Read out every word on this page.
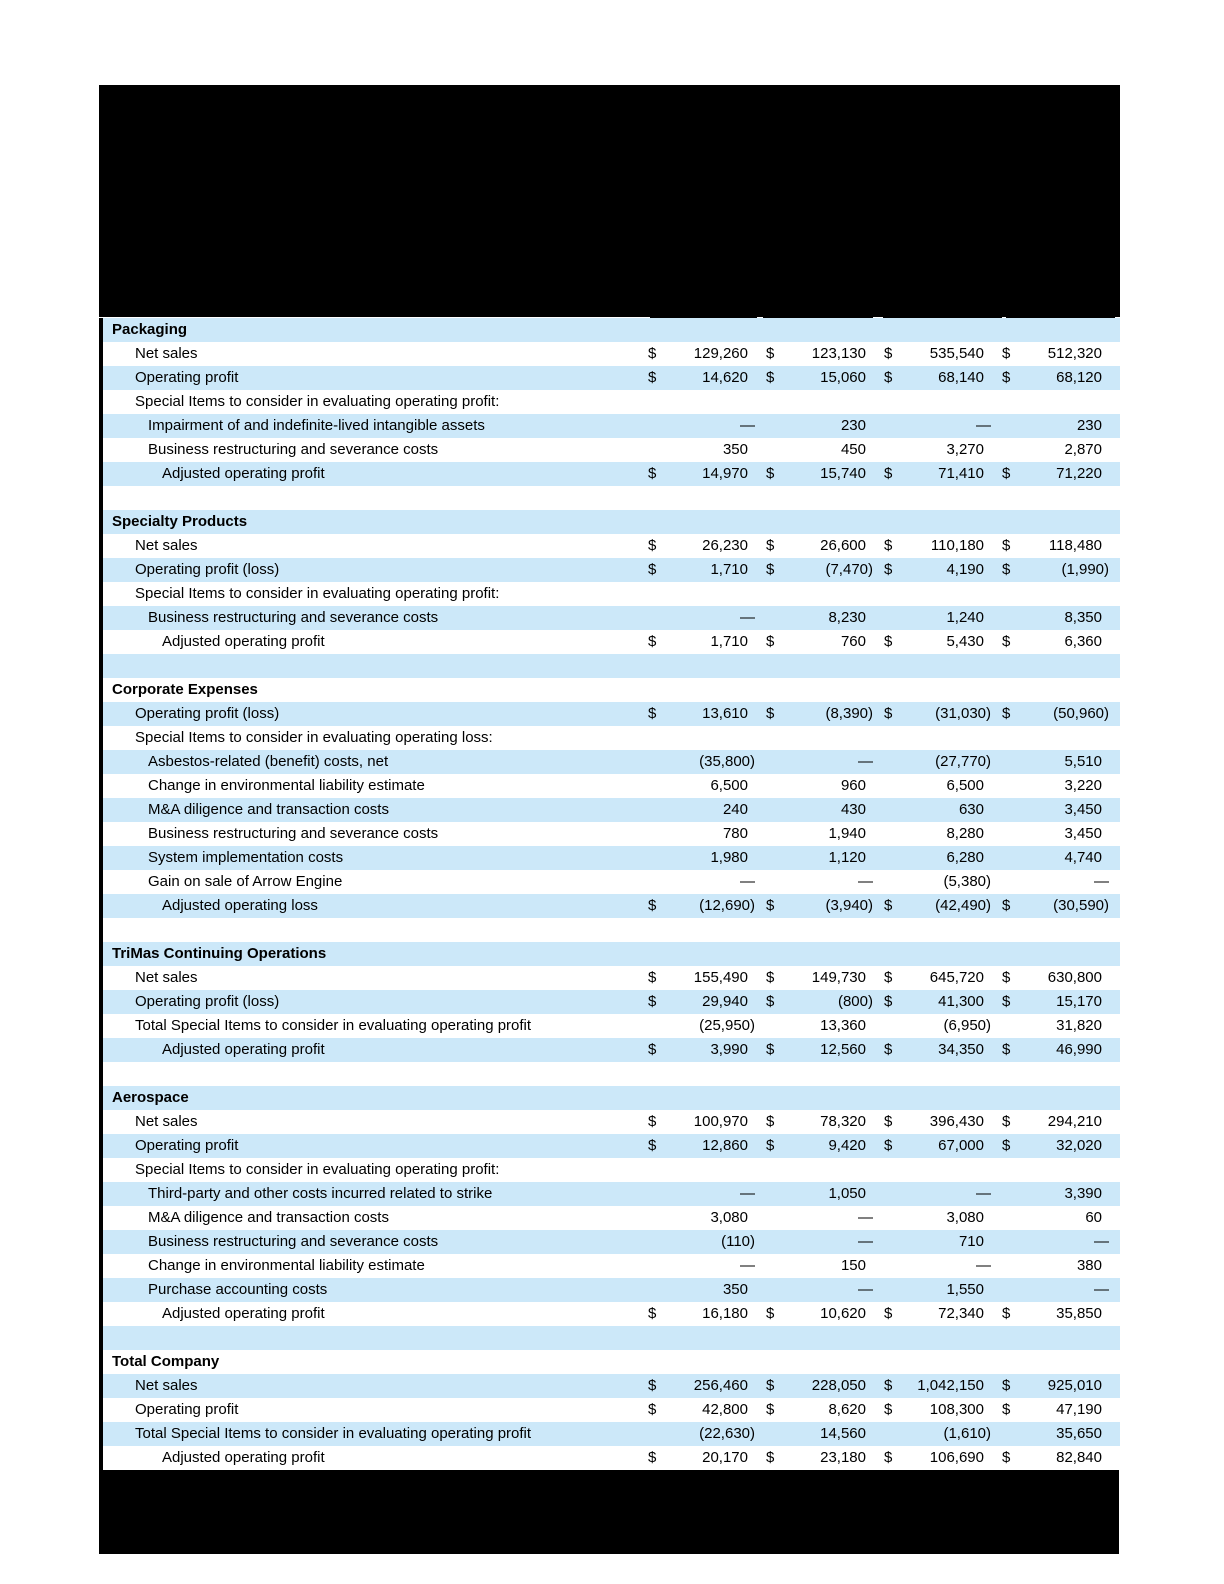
Packaging
Net sales	$	129,260	$	123,130	$	535,540	$	512,320
Operating profit	$	14,620	$	15,060	$	68,140	$	68,120
Special Items to consider in evaluating operating profit:
Impairment of and indefinite-lived intangible assets	—	230	—	230
Business restructuring and severance costs	350	450	3,270	2,870
Adjusted operating profit	$	14,970	$	15,740	$	71,410	$	71,220
Specialty Products
Net sales	$	26,230	$	26,600	$	110,180	$	118,480
Operating profit (loss)	$	1,710	$	(7,470) $	4,190	$	(1,990)
Special Items to consider in evaluating operating profit:
Business restructuring and severance costs	—	8,230	1,240	8,350
Adjusted operating profit	$	1,710	$	760	$	5,430	$	6,360
Corporate Expenses
Operating profit (loss)	$	13,610	$	(8,390) $	(31,030) $	(50,960)
Special Items to consider in evaluating operating loss:
Asbestos-related (benefit) costs, net	(35,800)	—	(27,770)	5,510
Change in environmental liability estimate	6,500	960	6,500	3,220
M&A diligence and transaction costs	240	430	630	3,450
Business restructuring and severance costs	780	1,940	8,280	3,450
System implementation costs	1,980	1,120	6,280	4,740
Gain on sale of Arrow Engine	—	—	(5,380)	—
Adjusted operating loss	$	(12,690) $	(3,940) $	(42,490) $	(30,590)
TriMas Continuing Operations
Net sales	$	155,490	$	149,730	$	645,720	$	630,800
Operating profit (loss)	$	29,940	$	(800) $	41,300	$	15,170
Total Special Items to consider in evaluating operating profit	(25,950)	13,360	(6,950)	31,820
Adjusted operating profit	$	3,990	$	12,560	$	34,350	$	46,990
Aerospace
Net sales	$	100,970	$	78,320	$	396,430	$	294,210
Operating profit	$	12,860	$	9,420	$	67,000	$	32,020
Special Items to consider in evaluating operating profit:
Third-party and other costs incurred related to strike	—	1,050	—	3,390
M&A diligence and transaction costs	3,080	—	3,080	60
Business restructuring and severance costs	(110)	—	710	—
Change in environmental liability estimate	—	150	—	380
Purchase accounting costs	350	—	1,550	—
Adjusted operating profit	$	16,180	$	10,620	$	72,340	$	35,850
Total Company
Net sales	$	256,460	$	228,050	$	1,042,150	$	925,010
Operating profit	$	42,800	$	8,620	$	108,300	$	47,190
Total Special Items to consider in evaluating operating profit	(22,630)	14,560	(1,610)	35,650
Adjusted operating profit	$	20,170	$	23,180	$	106,690	$	82,840
